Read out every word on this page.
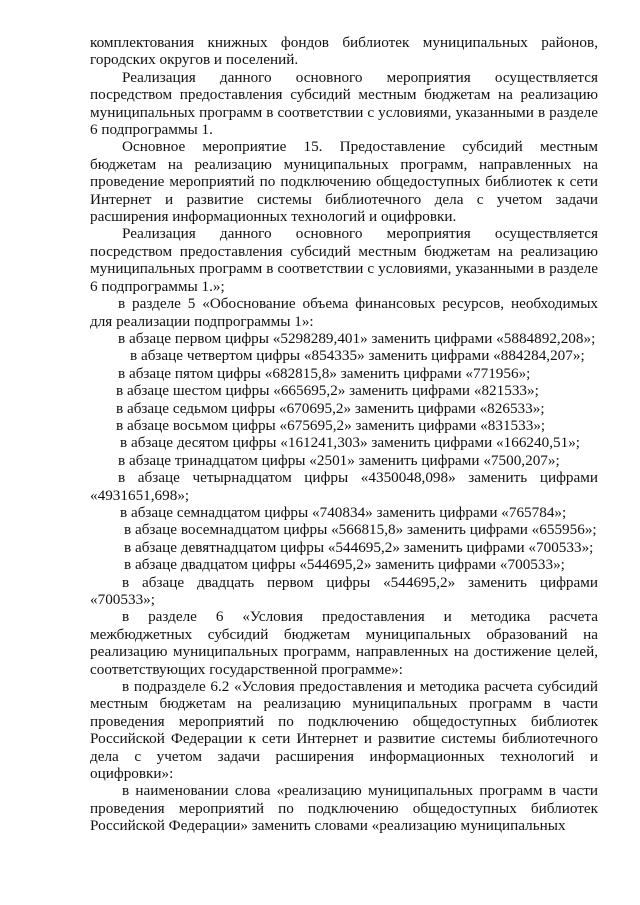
комплектования книжных фондов библиотек муниципальных районов, городских округов и поселений.

Реализация данного основного мероприятия осуществляется посредством предоставления субсидий местным бюджетам на реализацию муниципальных программ в соответствии с условиями, указанными в разделе 6 подпрограммы 1.

Основное мероприятие 15. Предоставление субсидий местным бюджетам на реализацию муниципальных программ, направленных на проведение мероприятий по подключению общедоступных библиотек к сети Интернет и развитие системы библиотечного дела с учетом задачи расширения информационных технологий и оцифровки.

Реализация данного основного мероприятия осуществляется посредством предоставления субсидий местным бюджетам на реализацию муниципальных программ в соответствии с условиями, указанными в разделе 6 подпрограммы 1.»;

в разделе 5 «Обоснование объема финансовых ресурсов, необходимых для реализации подпрограммы 1»:

в абзаце первом цифры «5298289,401» заменить цифрами «5884892,208»;

в абзаце четвертом цифры «854335» заменить цифрами «884284,207»;

в абзаце пятом цифры «682815,8» заменить цифрами «771956»;

в абзаце шестом цифры «665695,2» заменить цифрами «821533»;

в абзаце седьмом цифры «670695,2» заменить цифрами «826533»;

в абзаце восьмом цифры «675695,2» заменить цифрами «831533»;

в абзаце десятом цифры «161241,303» заменить цифрами «166240,51»;

в абзаце тринадцатом цифры «2501» заменить цифрами «7500,207»;

в абзаце четырнадцатом цифры «4350048,098» заменить цифрами «4931651,698»;

в абзаце семнадцатом цифры «740834» заменить цифрами «765784»;

в абзаце восемнадцатом цифры «566815,8» заменить цифрами «655956»;

в абзаце девятнадцатом цифры «544695,2» заменить цифрами «700533»;

в абзаце двадцатом цифры «544695,2» заменить цифрами «700533»;

в абзаце двадцать первом цифры «544695,2» заменить цифрами «700533»;

в разделе 6 «Условия предоставления и методика расчета межбюджетных субсидий бюджетам муниципальных образований на реализацию муниципальных программ, направленных на достижение целей, соответствующих государственной программе»:

в подразделе 6.2 «Условия предоставления и методика расчета субсидий местным бюджетам на реализацию муниципальных программ в части проведения мероприятий по подключению общедоступных библиотек Российской Федерации к сети Интернет и развитие системы библиотечного дела с учетом задачи расширения информационных технологий и оцифровки»:

в наименовании слова «реализацию муниципальных программ в части проведения мероприятий по подключению общедоступных библиотек Российской Федерации» заменить словами «реализацию муниципальных
